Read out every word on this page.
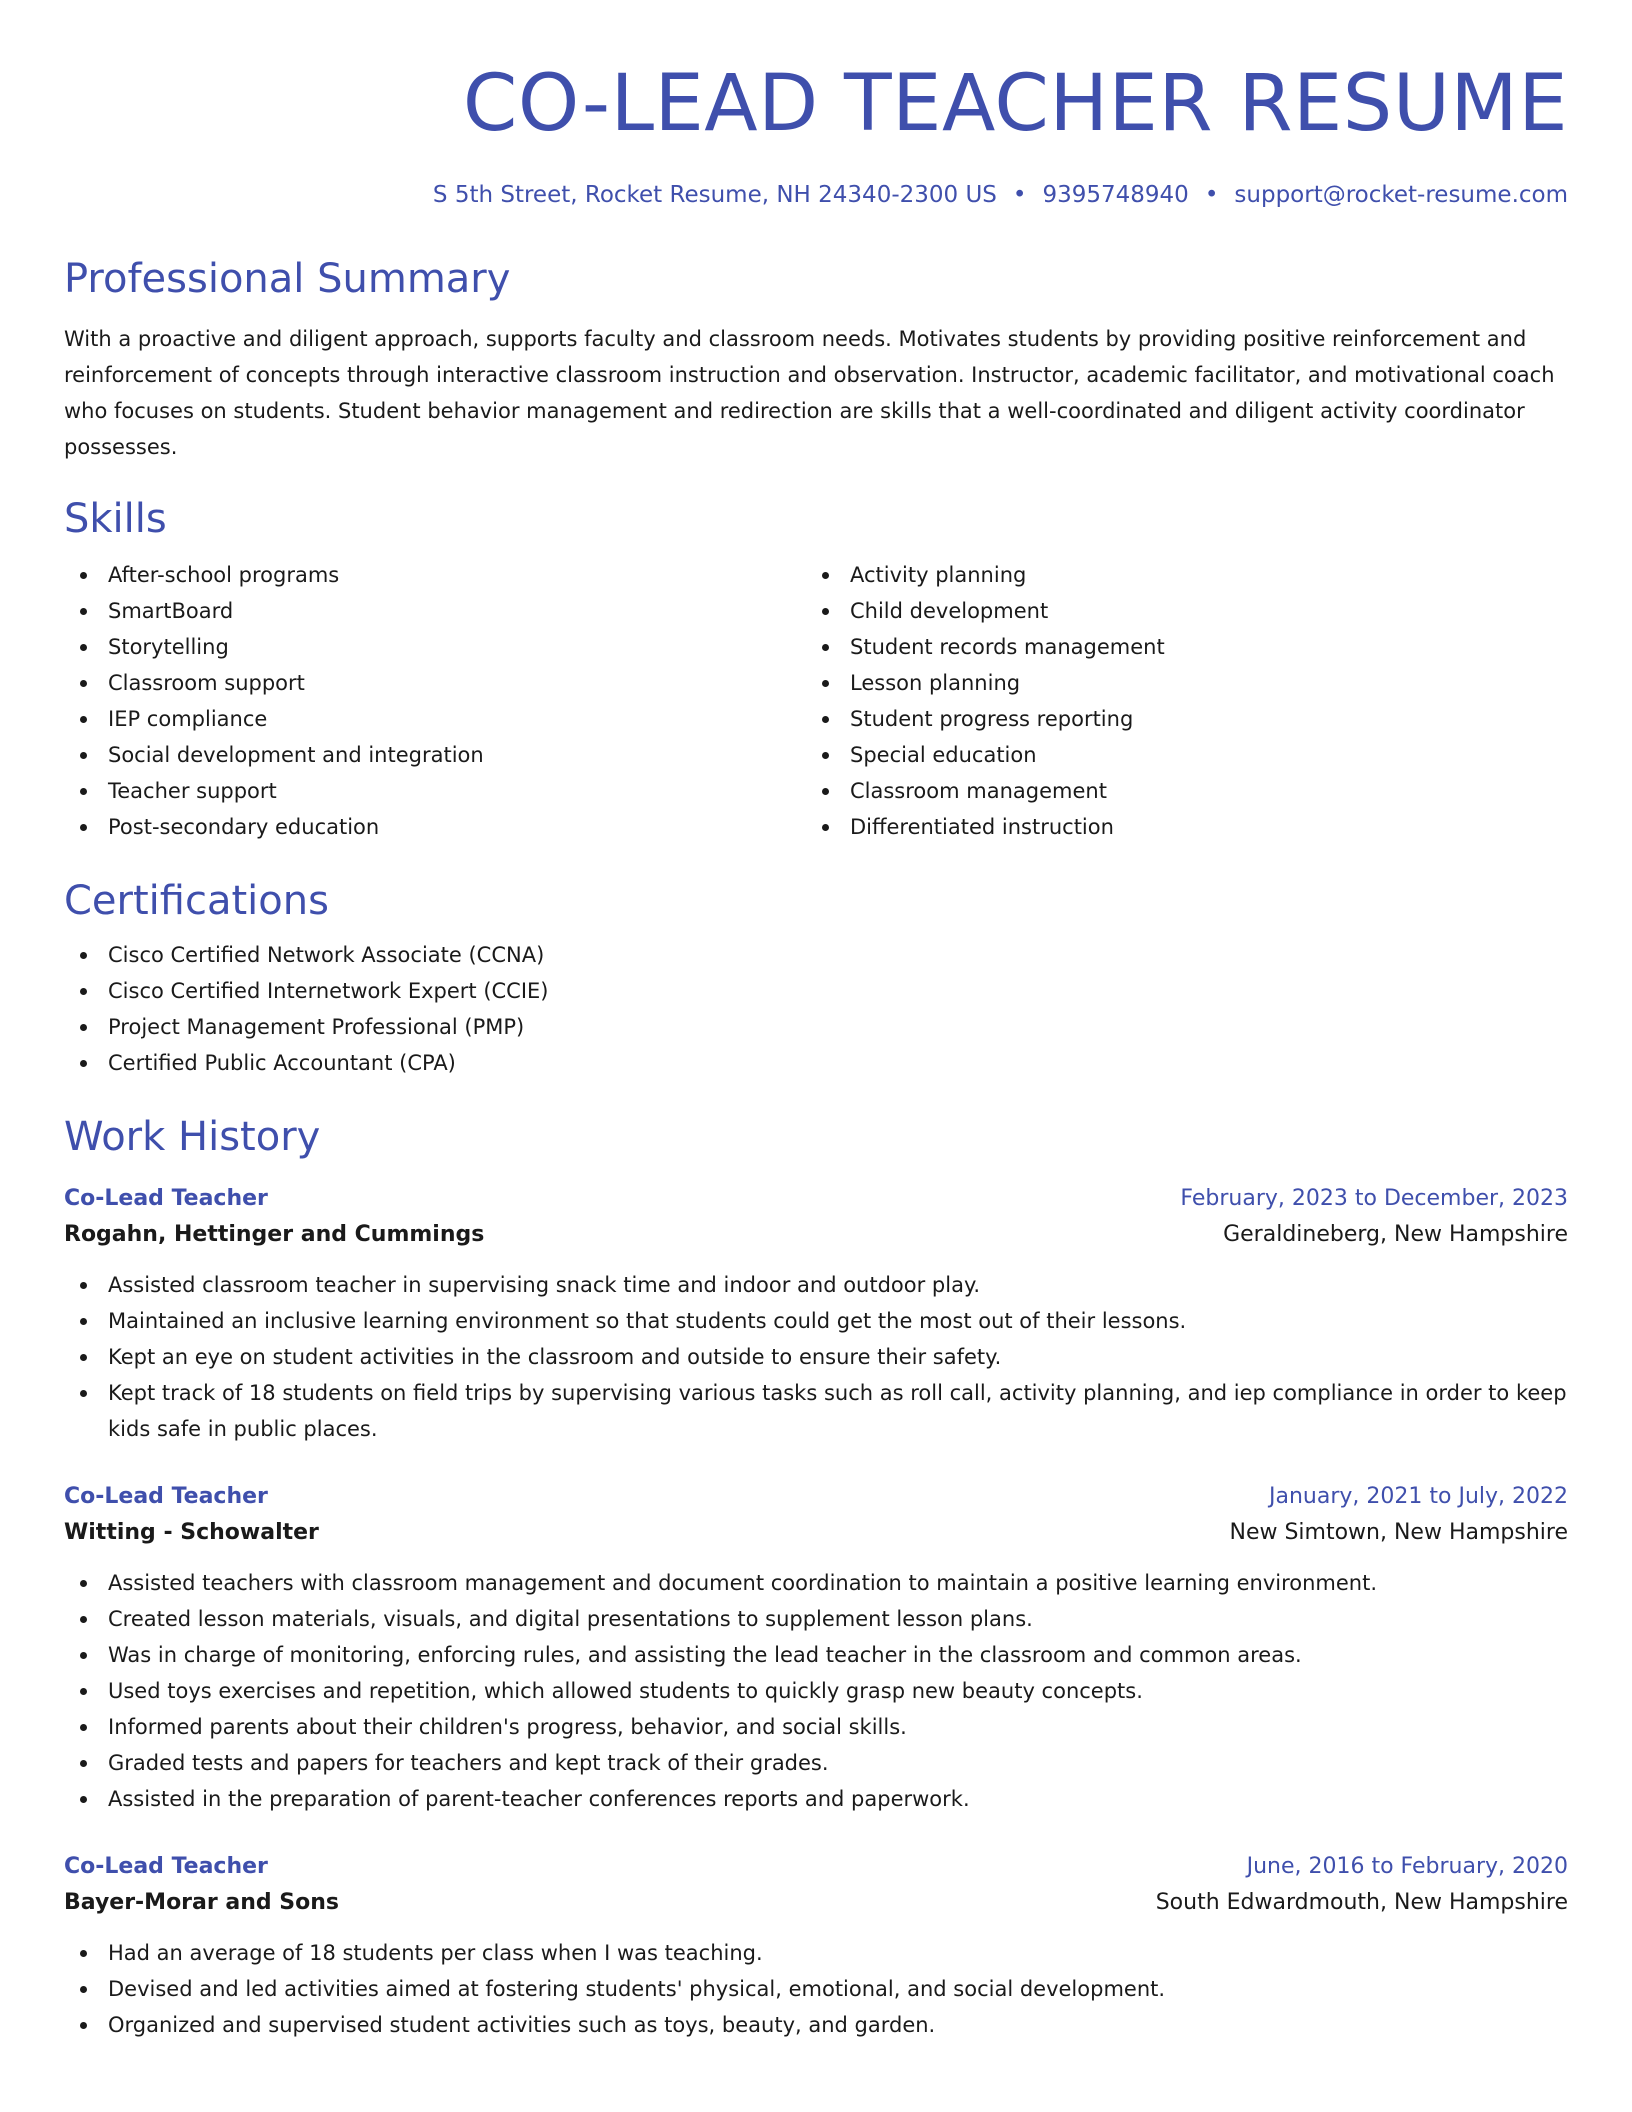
CO-LEAD TEACHER RESUME
S 5th Street, Rocket Resume, NH 24340-2300 US • 9395748940 • support@rocket-resume.com
Professional Summary

With a proactive and diligent approach, supports faculty and classroom needs. Motivates students by providing positive reinforcement and reinforcement of concepts through interactive classroom instruction and observation. Instructor, academic facilitator, and motivational coach who focuses on students. Student behavior management and redirection are skills that a well-coordinated and diligent activity coordinator possesses.

Skills
After-school programs
SmartBoard
Storytelling
Classroom support
IEP compliance
Social development and integration
Teacher support
Post-secondary education
Activity planning
Child development
Student records management
Lesson planning
Student progress reporting
Special education
Classroom management
Differentiated instruction
Certifications
Cisco Certified Network Associate (CCNA)
Cisco Certified Internetwork Expert (CCIE)
Project Management Professional (PMP)
Certified Public Accountant (CPA)
Work History
Co-Lead Teacher	February, 2023 to December, 2023
Rogahn, Hettinger and Cummings	Geraldineberg, New Hampshire
Assisted classroom teacher in supervising snack time and indoor and outdoor play.
Maintained an inclusive learning environment so that students could get the most out of their lessons.
Kept an eye on student activities in the classroom and outside to ensure their safety.
Kept track of 18 students on field trips by supervising various tasks such as roll call, activity planning, and iep compliance in order to keep kids safe in public places.
Co-Lead Teacher	January, 2021 to July, 2022
Witting - Schowalter	New Simtown, New Hampshire
Assisted teachers with classroom management and document coordination to maintain a positive learning environment.
Created lesson materials, visuals, and digital presentations to supplement lesson plans.
Was in charge of monitoring, enforcing rules, and assisting the lead teacher in the classroom and common areas.
Used toys exercises and repetition, which allowed students to quickly grasp new beauty concepts.
Informed parents about their children's progress, behavior, and social skills.
Graded tests and papers for teachers and kept track of their grades.
Assisted in the preparation of parent-teacher conferences reports and paperwork.
Co-Lead Teacher	June, 2016 to February, 2020
Bayer-Morar and Sons	South Edwardmouth, New Hampshire
Had an average of 18 students per class when I was teaching.
Devised and led activities aimed at fostering students' physical, emotional, and social development.
Organized and supervised student activities such as toys, beauty, and garden.
